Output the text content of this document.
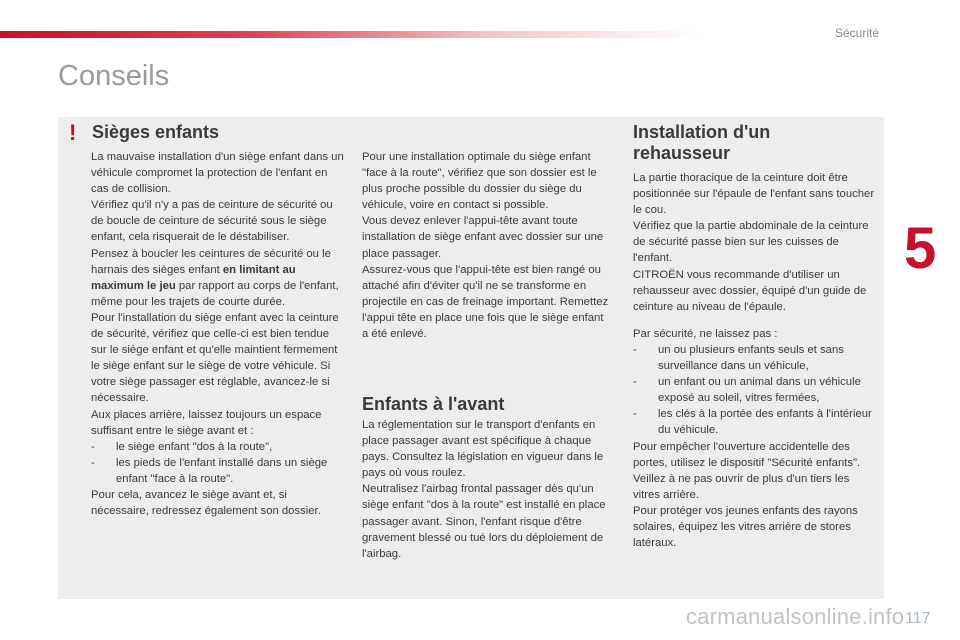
Sécurité
Conseils
! Sièges enfants

La mauvaise installation d'un siège enfant dans un véhicule compromet la protection de l'enfant en cas de collision.

Vérifiez qu'il n'y a pas de ceinture de sécurité ou de boucle de ceinture de sécurité sous le siège enfant, cela risquerait de le déstabiliser.

Pensez à boucler les ceintures de sécurité ou le harnais des sièges enfant en limitant au maximum le jeu par rapport au corps de l'enfant, même pour les trajets de courte durée.

Pour l'installation du siège enfant avec la ceinture de sécurité, vérifiez que celle-ci est bien tendue sur le siège enfant et qu'elle maintient fermement le siège enfant sur le siège de votre véhicule. Si votre siège passager est réglable, avancez-le si nécessaire.

Aux places arrière, laissez toujours un espace suffisant entre le siège avant et :

-	le siège enfant "dos à la route",
-	les pieds de l'enfant installé dans un siège enfant "face à la route".

Pour cela, avancez le siège avant et, si nécessaire, redressez également son dossier.

Pour une installation optimale du siège enfant "face à la route", vérifiez que son dossier est le plus proche possible du dossier du siège du véhicule, voire en contact si possible.

Vous devez enlever l'appui-tête avant toute installation de siège enfant avec dossier sur une place passager.

Assurez-vous que l'appui-tête est bien rangé ou attaché afin d'éviter qu'il ne se transforme en projectile en cas de freinage important. Remettez l'appui tête en place une fois que le siège enfant a été enlevé.

Enfants à l'avant

La réglementation sur le transport d'enfants en place passager avant est spécifique à chaque pays. Consultez la législation en vigueur dans le pays où vous roulez.

Neutralisez l'airbag frontal passager dès qu'un siège enfant "dos à la route" est installé en place passager avant. Sinon, l'enfant risque d'être gravement blessé ou tué lors du déploiement de l'airbag.

Installation d'un rehausseur

La partie thoracique de la ceinture doit être positionnée sur l'épaule de l'enfant sans toucher le cou.

Vérifiez que la partie abdominale de la ceinture de sécurité passe bien sur les cuisses de l'enfant.

CITROËN vous recommande d'utiliser un rehausseur avec dossier, équipé d'un guide de ceinture au niveau de l'épaule.

Par sécurité, ne laissez pas :

-	un ou plusieurs enfants seuls et sans surveillance dans un véhicule,
-	un enfant ou un animal dans un véhicule exposé au soleil, vitres fermées,
-	les clés à la portée des enfants à l'intérieur du véhicule.

Pour empêcher l'ouverture accidentelle des portes, utilisez le dispositif "Sécurité enfants".

Veillez à ne pas ouvrir de plus d'un tiers les vitres arrière.

Pour protéger vos jeunes enfants des rayons solaires, équipez les vitres arrière de stores latéraux.

5
117
carmanualsonline.info
